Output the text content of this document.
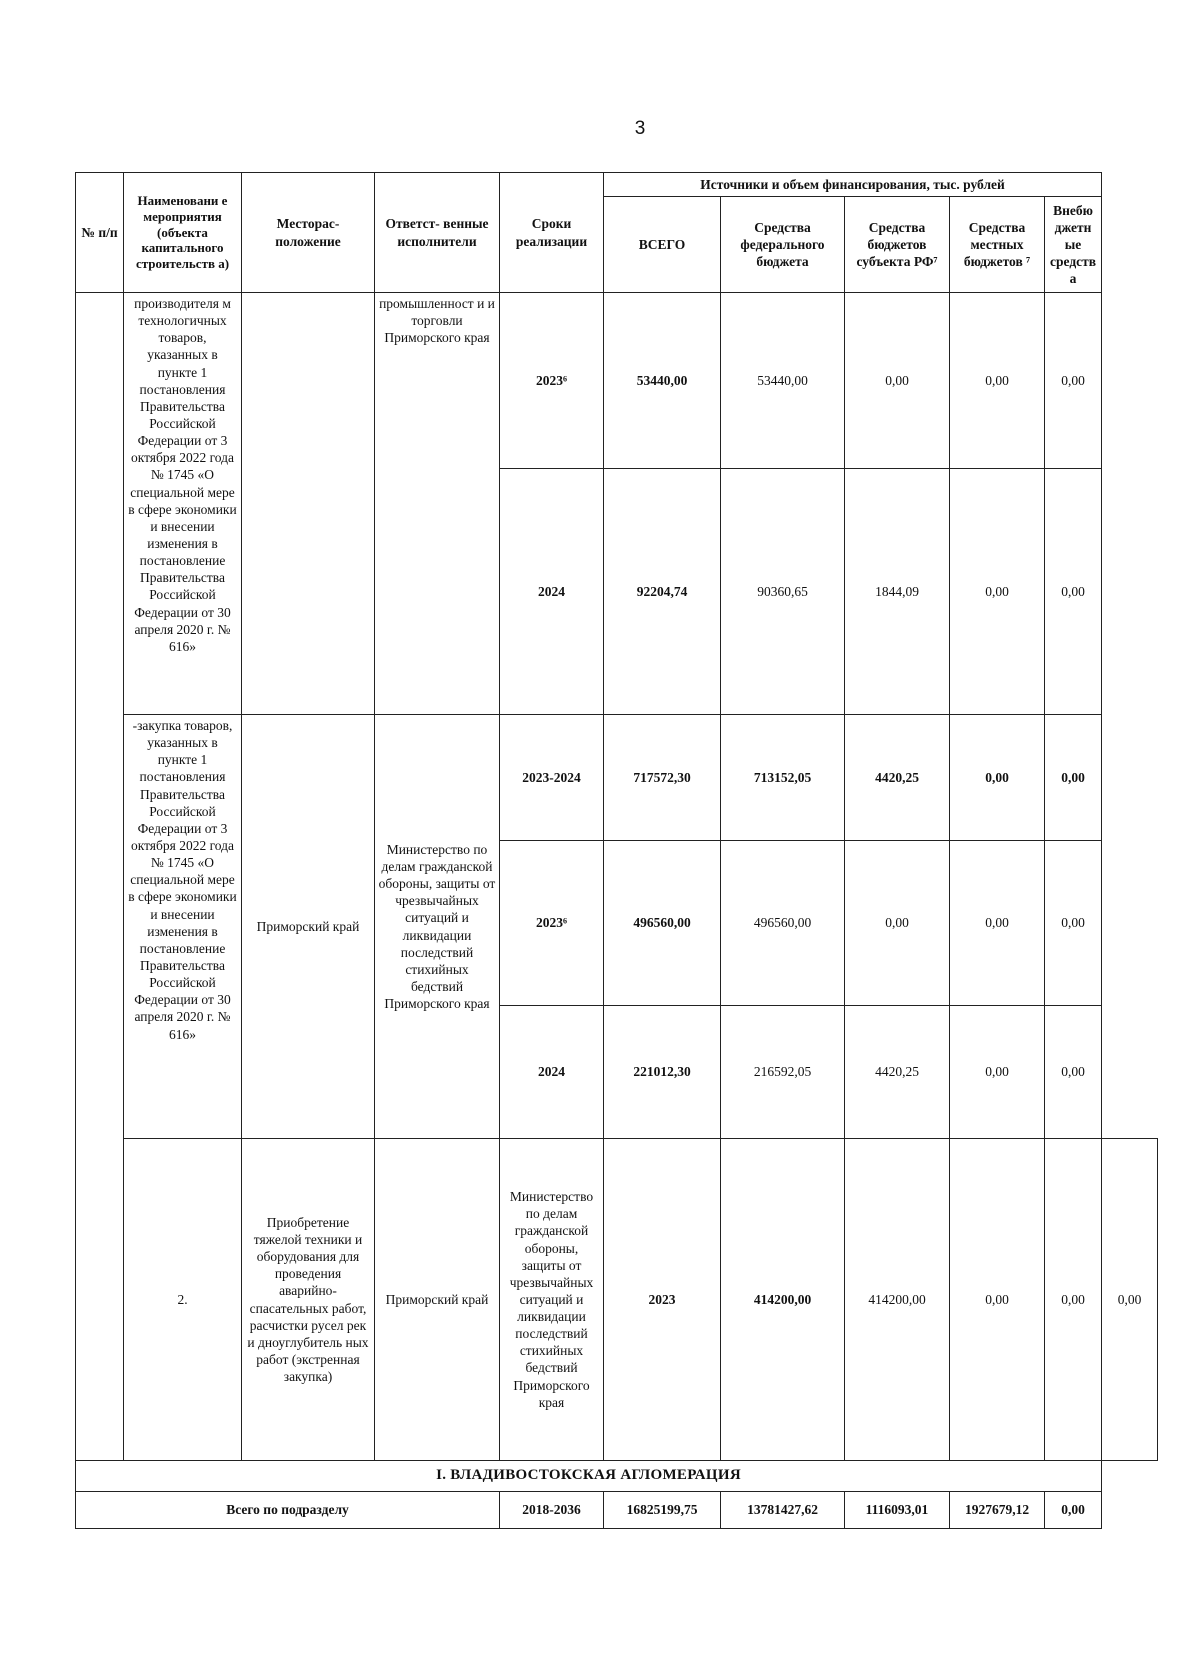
3
№ п/п	Наименовани е мероприятия (объекта капитального строительств а)	Месторас- положение	Ответст- венные исполнители	Сроки реализации	Источники и объем финансирования, тыс. рублей					
					ВСЕГО	Средства федерального бюджета	Средства бюджетов субъекта РФ⁷	Средства местных бюджетов ⁷	Внебю джетн ые средств а	
	производителя м технологичных товаров, указанных в пункте 1 постановления Правительства Российской Федерации от 3 октября 2022 года № 1745 «О специальной мере в сфере экономики и внесении изменения в постановление Правительства Российской Федерации от 30 апреля 2020 г. № 616»		промышленност и и торговли Приморского края	2023⁶	53440,00	53440,00	0,00	0,00	0,00	
				2024	92204,74	90360,65	1844,09	0,00	0,00	
	-закупка товаров, указанных в пункте 1 постановления Правительства Российской Федерации от 3 октября 2022 года № 1745 «О специальной мере в сфере экономики и внесении изменения в постановление Правительства Российской Федерации от 30 апреля 2020 г. № 616»	Приморский край	Министерство по делам гражданской обороны, защиты от чрезвычайных ситуаций и ликвидации последствий стихийных бедствий Приморского края	2023-2024	717572,30	713152,05	4420,25	0,00	0,00	
				2023⁶	496560,00	496560,00	0,00	0,00	0,00	
				2024	221012,30	216592,05	4420,25	0,00	0,00	
	2.	Приобретение тяжелой техники и оборудования для проведения аварийно- спасательных работ, расчистки русел рек и дноуглубитель ных работ (экстренная закупка)	Приморский край	Министерство по делам гражданской обороны, защиты от чрезвычайных ситуаций и ликвидации последствий стихийных бедствий Приморского края	2023	414200,00	414200,00	0,00	0,00	0,00
I. ВЛАДИВОСТОКСКАЯ АГЛОМЕРАЦИЯ										
Всего по подразделу				2018-2036	16825199,75	13781427,62	1116093,01	1927679,12	0,00	
